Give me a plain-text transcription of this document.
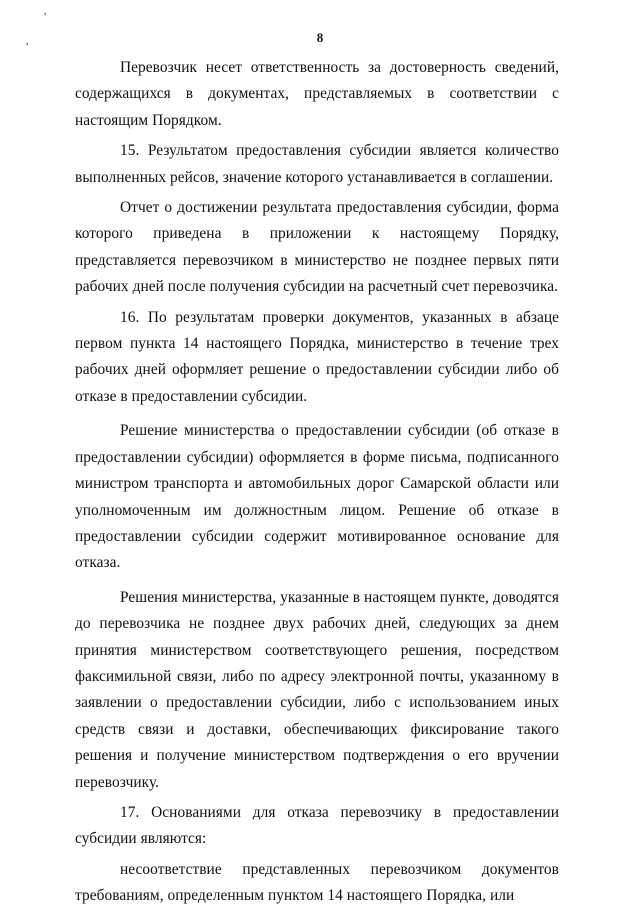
,
,	8

Перевозчик несет ответственность за достоверность сведений, содержащихся в документах, представляемых в соответствии с настоящим Порядком.

15. Результатом предоставления субсидии является количество выполненных рейсов, значение которого устанавливается в соглашении.

Отчет о достижении результата предоставления субсидии, форма которого приведена в приложении к настоящему Порядку, представляется перевозчиком в министерство не позднее первых пяти рабочих дней после получения субсидии на расчетный счет перевозчика.

16. По результатам проверки документов, указанных в абзаце первом пункта 14 настоящего Порядка, министерство в течение трех рабочих дней оформляет решение о предоставлении субсидии либо об отказе в предоставлении субсидии.

Решение министерства о предоставлении субсидии (об отказе в предоставлении субсидии) оформляется в форме письма, подписанного министром транспорта и автомобильных дорог Самарской области или уполномоченным им должностным лицом. Решение об отказе в предоставлении субсидии содержит мотивированное основание для отказа.

Решения министерства, указанные в настоящем пункте, доводятся до перевозчика не позднее двух рабочих дней, следующих за днем принятия министерством соответствующего решения, посредством факсимильной связи, либо по адресу электронной почты, указанному в заявлении о предоставлении субсидии, либо с использованием иных средств связи и доставки, обеспечивающих фиксирование такого решения и получение министерством подтверждения о его вручении перевозчику.

17. Основаниями для отказа перевозчику в предоставлении субсидии являются:

несоответствие представленных перевозчиком документов требованиям, определенным пунктом 14 настоящего Порядка, или
